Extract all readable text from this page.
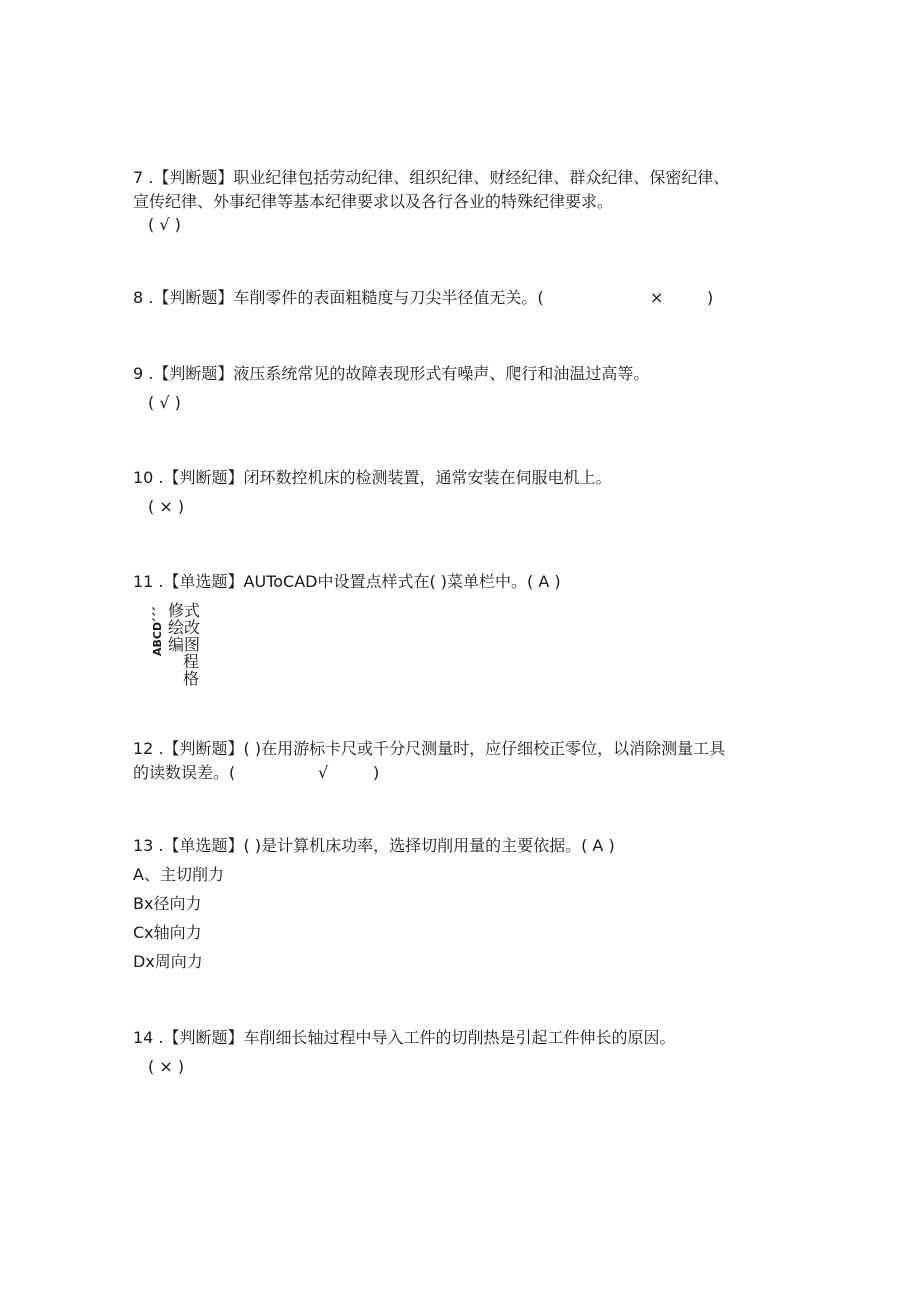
7 .【判断题】职业纪律包括劳动纪律、组织纪律、财经纪律、群众纪律、保密纪律、
宣传纪律、外事纪律等基本纪律要求以及各行各业的特殊纪律要求。
( √ )
8 .【判断题】车削零件的表面粗糙度与刀尖半径值无关。(	×	)
9 .【判断题】液压系统常见的故障表现形式有噪声、爬行和油温过高等。
( √ )
10 .【判断题】闭环数控机床的检测装置，通常安装在伺服电机上。
( × )
11 .【单选题】AUToCAD中设置点样式在( )菜单栏中。( A )
ABCD、、、 修式
绘改
编图
程
格
12 .【判断题】( )在用游标卡尺或千分尺测量时，应仔细校正零位，以消除测量工具
的读数误差。(	√	)
13 .【单选题】( )是计算机床功率，选择切削用量的主要依据。( A )
A、主切削力
Bx径向力
Cx轴向力
Dx周向力
14 .【判断题】车削细长轴过程中导入工件的切削热是引起工件伸长的原因。
( × )
